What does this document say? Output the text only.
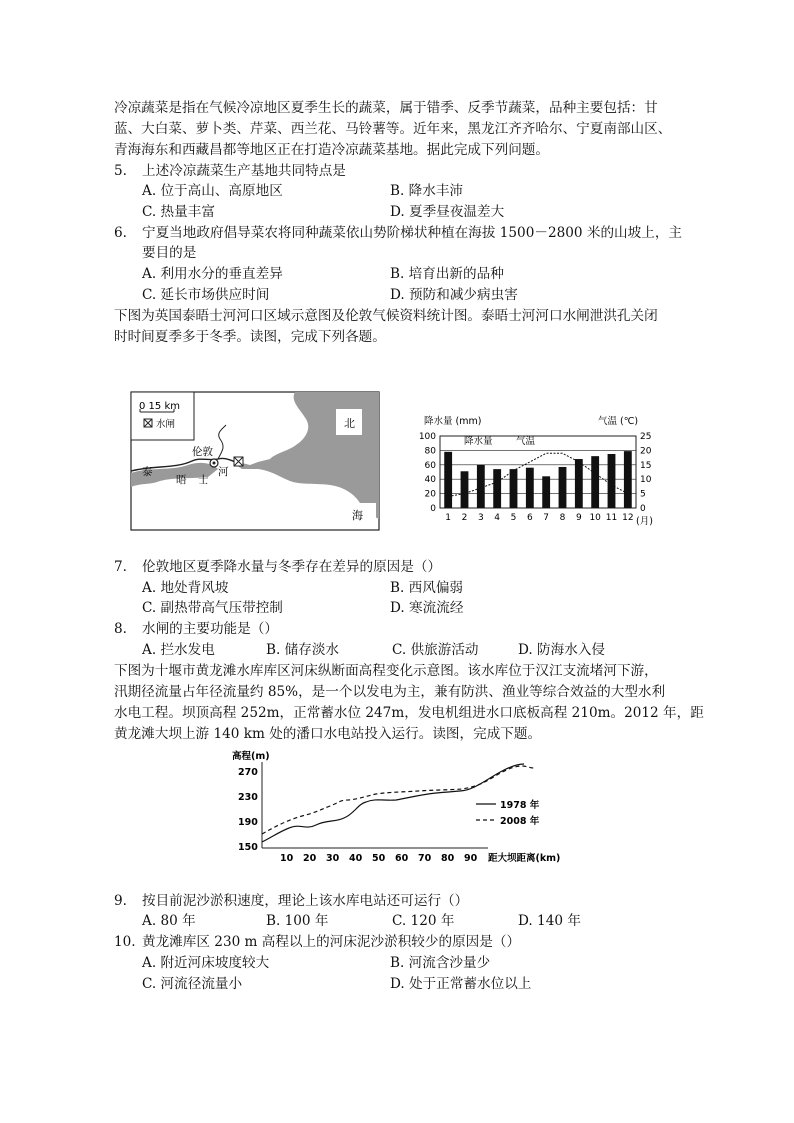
冷凉蔬菜是指在气候冷凉地区夏季生长的蔬菜，属于错季、反季节蔬菜，品种主要包括：甘
蓝、大白菜、萝卜类、芹菜、西兰花、马铃薯等。近年来，黑龙江齐齐哈尔、宁夏南部山区、
青海海东和西藏昌都等地区正在打造冷凉蔬菜基地。据此完成下列问题。
5. 上述冷凉蔬菜生产基地共同特点是
A. 位于高山、高原地区	B. 降水丰沛
C. 热量丰富	D. 夏季昼夜温差大
6. 宁夏当地政府倡导菜农将同种蔬菜依山势阶梯状种植在海拔 1500－2800 米的山坡上，主
要目的是
A. 利用水分的垂直差异	B. 培育出新的品种
C. 延长市场供应时间	D. 预防和减少病虫害
下图为英国泰晤士河河口区域示意图及伦敦气候资料统计图。泰晤士河河口水闸泄洪孔关闭
时时间夏季多于冬季。读图，完成下列各题。
0 15 km
水闸	北
海
伦敦
泰
晤 士
河
降水量 (mm)	气温 (℃)
0
20
40
60
80
100
0
5
10
15
20
25
1 2 3 4 5 6 7 8 9 10 11 12
降水量 气温
(月)
7. 伦敦地区夏季降水量与冬季存在差异的原因是（）
A. 地处背风坡	B. 西风偏弱
C. 副热带高气压带控制	D. 寒流流经
8. 水闸的主要功能是（）
A. 拦水发电	B. 储存淡水	C. 供旅游活动	D. 防海水入侵
下图为十堰市黄龙滩水库库区河床纵断面高程变化示意图。该水库位于汉江支流堵河下游，
汛期径流量占年径流量约 85%，是一个以发电为主，兼有防洪、渔业等综合效益的大型水利
水电工程。坝顶高程 252m，正常蓄水位 247m，发电机组进水口底板高程 210m。2012 年，距
黄龙滩大坝上游 140 km 处的潘口水电站投入运行。读图，完成下题。
高程(m)
270
230
190
150
10 20 30 40 50 60 70 80 90 距大坝距离(km)
1978 年
2008 年
9. 按目前泥沙淤积速度，理论上该水库电站还可运行（）
A. 80 年	B. 100 年	C. 120 年	D. 140 年
10. 黄龙滩库区 230 m 高程以上的河床泥沙淤积较少的原因是（）
A. 附近河床坡度较大	B. 河流含沙量少
C. 河流径流量小	D. 处于正常蓄水位以上
